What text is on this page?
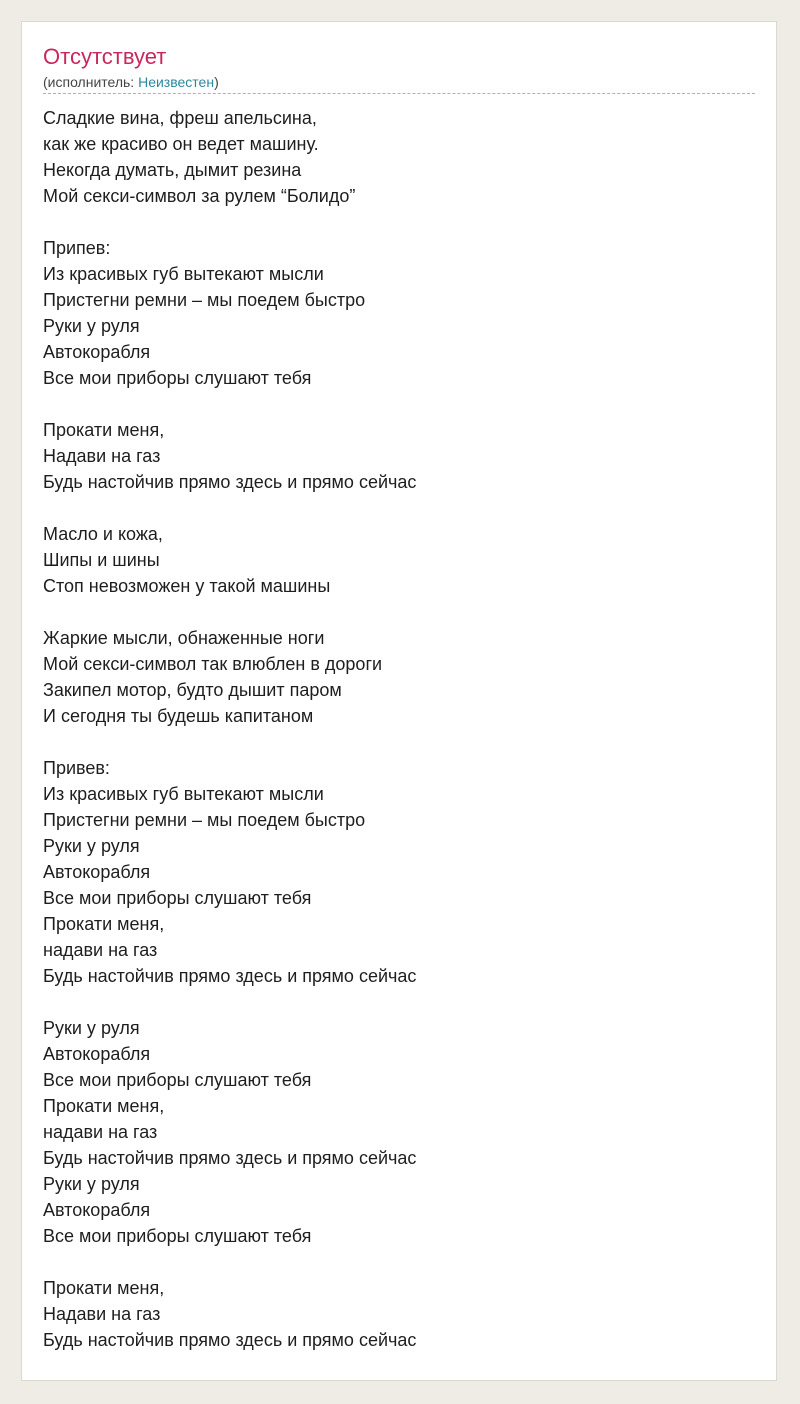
Отсутствует
(исполнитель: Неизвестен)
Сладкие вина, фреш апельсина,
как же красиво он ведет машину.
Некогда думать, дымит резина
Мой секси-символ за рулем “Болидо”
Припев:
Из красивых губ вытекают мысли
Пристегни ремни – мы поедем быстро
Руки у руля
Автокорабля
Все мои приборы слушают тебя
Прокати меня,
Надави на газ
Будь настойчив прямо здесь и прямо сейчас
Масло и кожа,
Шипы и шины
Стоп невозможен у такой машины
Жаркие мысли, обнаженные ноги
Мой секси-символ так влюблен в дороги
Закипел мотор, будто дышит паром
И сегодня ты будешь капитаном
Привев:
Из красивых губ вытекают мысли
Пристегни ремни – мы поедем быстро
Руки у руля
Автокорабля
Все мои приборы слушают тебя
Прокати меня,
надави на газ
Будь настойчив прямо здесь и прямо сейчас
Руки у руля
Автокорабля
Все мои приборы слушают тебя
Прокати меня,
надави на газ
Будь настойчив прямо здесь и прямо сейчас
Руки у руля
Автокорабля
Все мои приборы слушают тебя
Прокати меня,
Надави на газ
Будь настойчив прямо здесь и прямо сейчас
